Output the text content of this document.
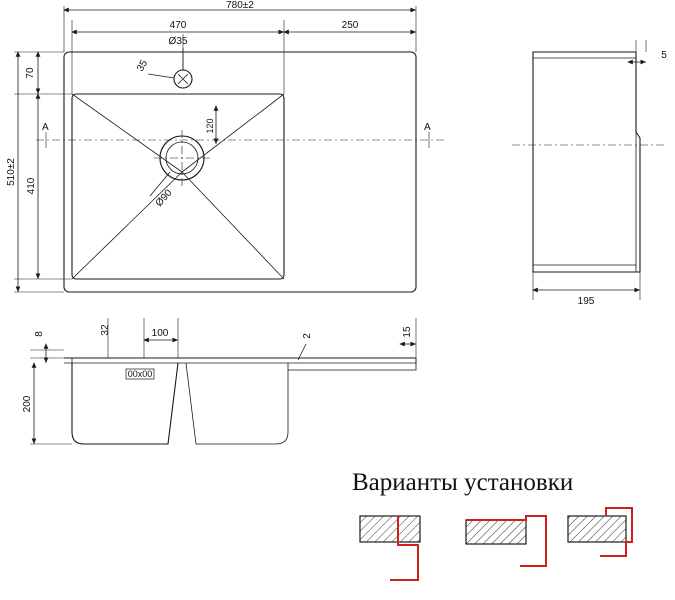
A	A
780±2
470	250
Ø35
35
510±2
410
70
120
Ø90
5
195
8
200
32	100
00x00
2	15
Варианты установки
